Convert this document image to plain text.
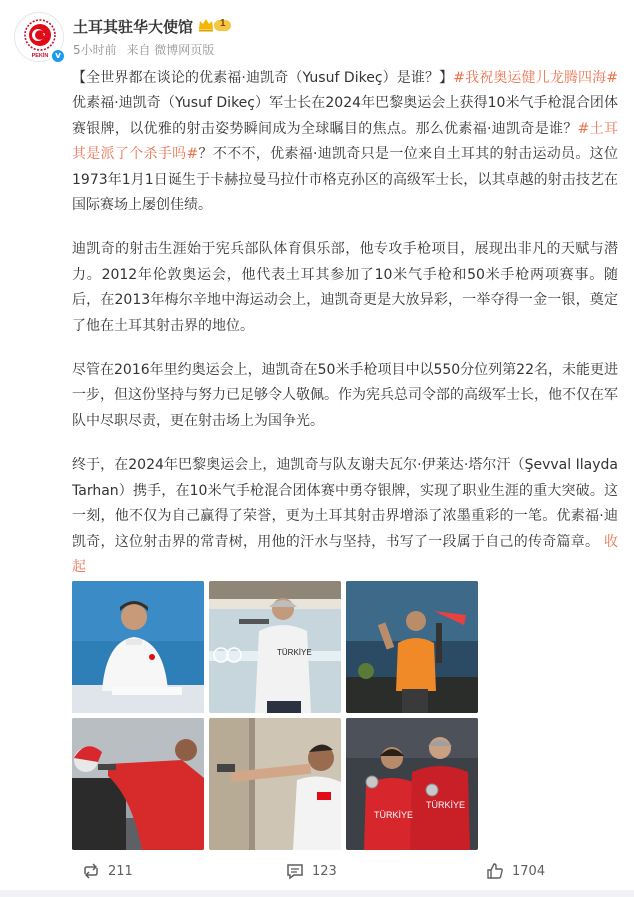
PEKİN v
土耳其驻华大使馆	1
5小时前 来自 微博网页版

【全世界都在谈论的优素福·迪凯奇（Yusuf Dikeç）是谁？】#我祝奥运健儿龙腾四海#优素福·迪凯奇（Yusuf Dikeç）军士长在2024年巴黎奥运会上获得10米气手枪混合团体赛银牌，以优雅的射击姿势瞬间成为全球瞩目的焦点。那么优素福·迪凯奇是谁？#土耳其是派了个杀手吗#？不不不，优素福·迪凯奇只是一位来自土耳其的射击运动员。这位1973年1月1日诞生于卡赫拉曼马拉什市格克孙区的高级军士长，以其卓越的射击技艺在国际赛场上屡创佳绩。

迪凯奇的射击生涯始于宪兵部队体育俱乐部，他专攻手枪项目，展现出非凡的天赋与潜力。2012年伦敦奥运会，他代表土耳其参加了10米气手枪和50米手枪两项赛事。随后，在2013年梅尔辛地中海运动会上，迪凯奇更是大放异彩，一举夺得一金一银，奠定了他在土耳其射击界的地位。

尽管在2016年里约奥运会上，迪凯奇在50米手枪项目中以550分位列第22名，未能更进一步，但这份坚持与努力已足够令人敬佩。作为宪兵总司令部的高级军士长，他不仅在军队中尽职尽责，更在射击场上为国争光。

终于，在2024年巴黎奥运会上，迪凯奇与队友谢夫瓦尔·伊莱达·塔尔汗（Şevval Ilayda Tarhan）携手，在10米气手枪混合团体赛中勇夺银牌，实现了职业生涯的重大突破。这一刻，他不仅为自己赢得了荣誉，更为土耳其射击界增添了浓墨重彩的一笔。优素福·迪凯奇，这位射击界的常青树，用他的汗水与坚持，书写了一段属于自己的传奇篇章。 收起

TÜRKİYE
TÜRKİYE
TÜRKİYE
211	123	1704
